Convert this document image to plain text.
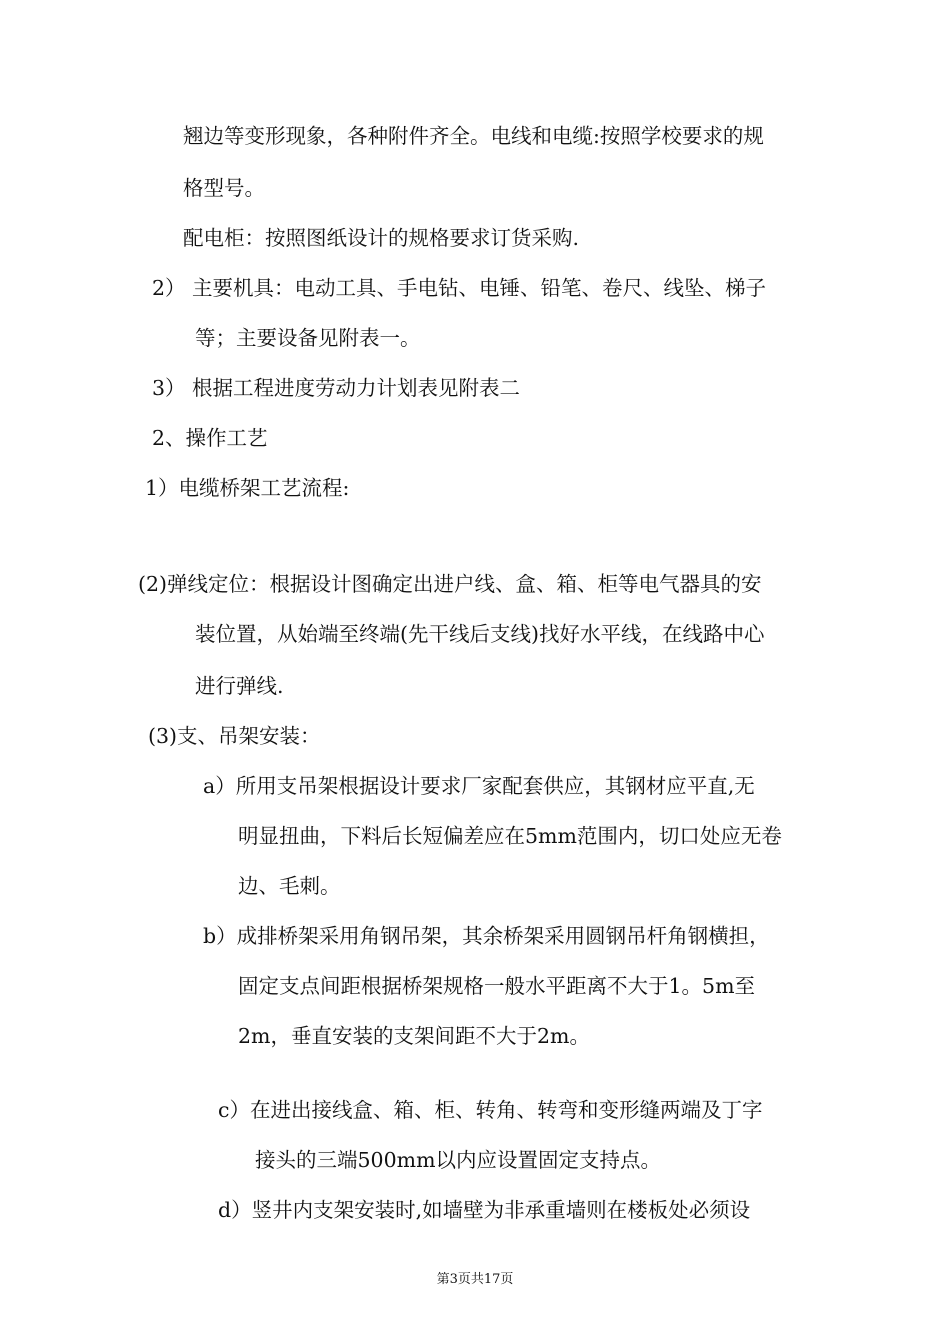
翘边等变形现象，各种附件齐全。电线和电缆:按照学校要求的规
格型号。
配电柜：按照图纸设计的规格要求订货采购.
2） 主要机具：电动工具、手电钻、电锤、铅笔、卷尺、线坠、梯子
等；主要设备见附表一。
3） 根据工程进度劳动力计划表见附表二
2、操作工艺
1）电缆桥架工艺流程:
(2)弹线定位：根据设计图确定出进户线、盒、箱、柜等电气器具的安
装位置，从始端至终端(先干线后支线)找好水平线，在线路中心
进行弹线.
(3)支、吊架安装：
a）所用支吊架根据设计要求厂家配套供应，其钢材应平直,无
明显扭曲，下料后长短偏差应在5mm范围内，切口处应无卷
边、毛刺。
b）成排桥架采用角钢吊架，其余桥架采用圆钢吊杆角钢横担，
固定支点间距根据桥架规格一般水平距离不大于1。5m至
2m，垂直安装的支架间距不大于2m。
c）在进出接线盒、箱、柜、转角、转弯和变形缝两端及丁字
接头的三端500mm以内应设置固定支持点。
d）竖井内支架安装时,如墙壁为非承重墙则在楼板处必须设
第3页共17页
